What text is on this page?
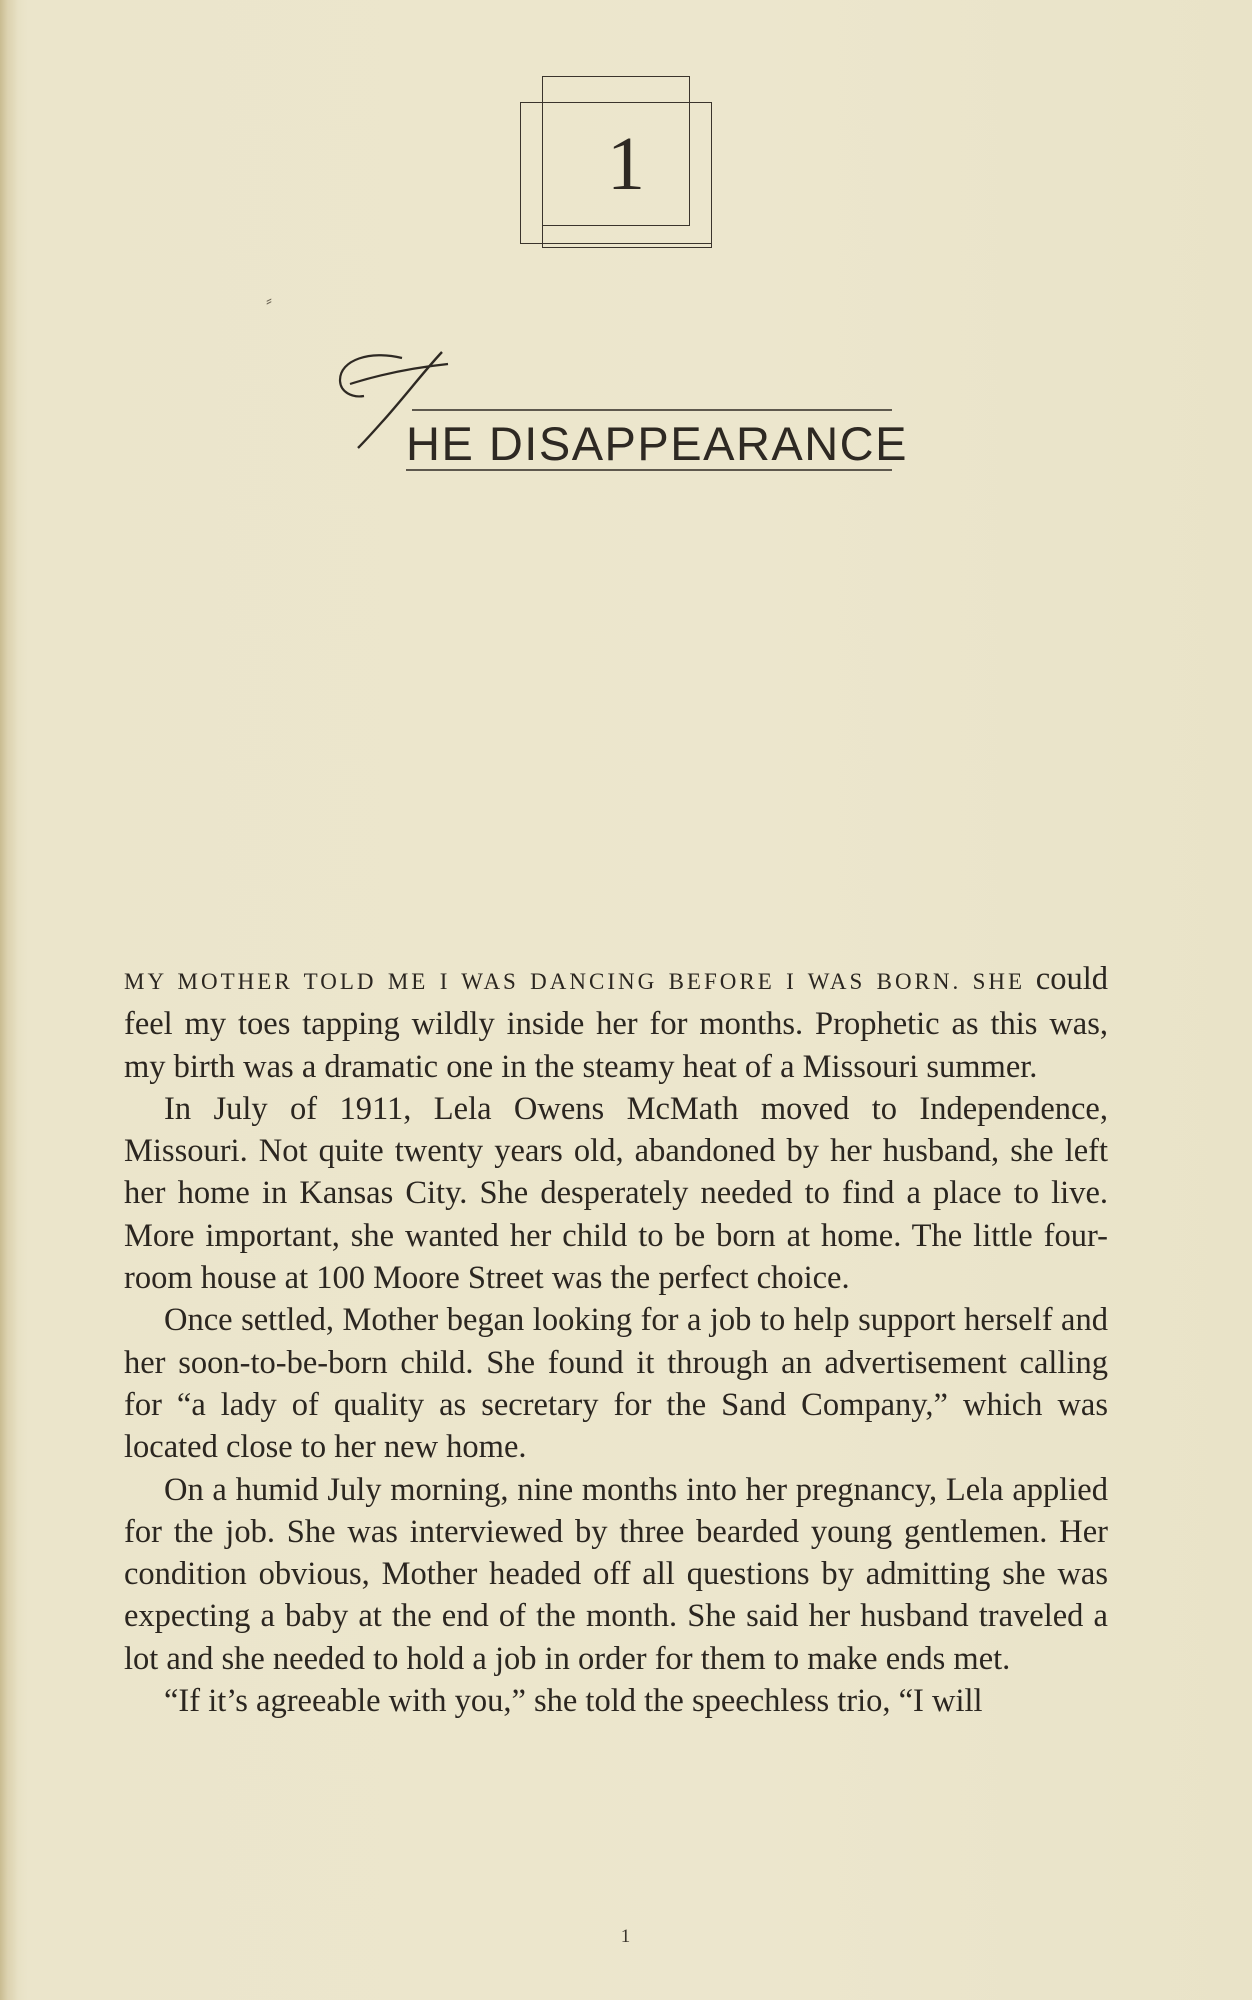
1
⸗
HE DISAPPEARANCE

MY MOTHER TOLD ME I WAS DANCING BEFORE I WAS BORN. SHE could feel my toes tapping wildly inside her for months. Prophetic as this was, my birth was a dramatic one in the steamy heat of a Missouri summer.

In July of 1911, Lela Owens McMath moved to Independence, Missouri. Not quite twenty years old, abandoned by her husband, she left her home in Kansas City. She desperately needed to find a place to live. More important, she wanted her child to be born at home. The little four-room house at 100 Moore Street was the perfect choice.

Once settled, Mother began looking for a job to help support herself and her soon-to-be-born child. She found it through an advertisement calling for “a lady of quality as secretary for the Sand Company,” which was located close to her new home.

On a humid July morning, nine months into her pregnancy, Lela applied for the job. She was interviewed by three bearded young gentlemen. Her condition obvious, Mother headed off all questions by admitting she was expecting a baby at the end of the month. She said her husband traveled a lot and she needed to hold a job in order for them to make ends met.

“If it’s agreeable with you,” she told the speechless trio, “I will

1
